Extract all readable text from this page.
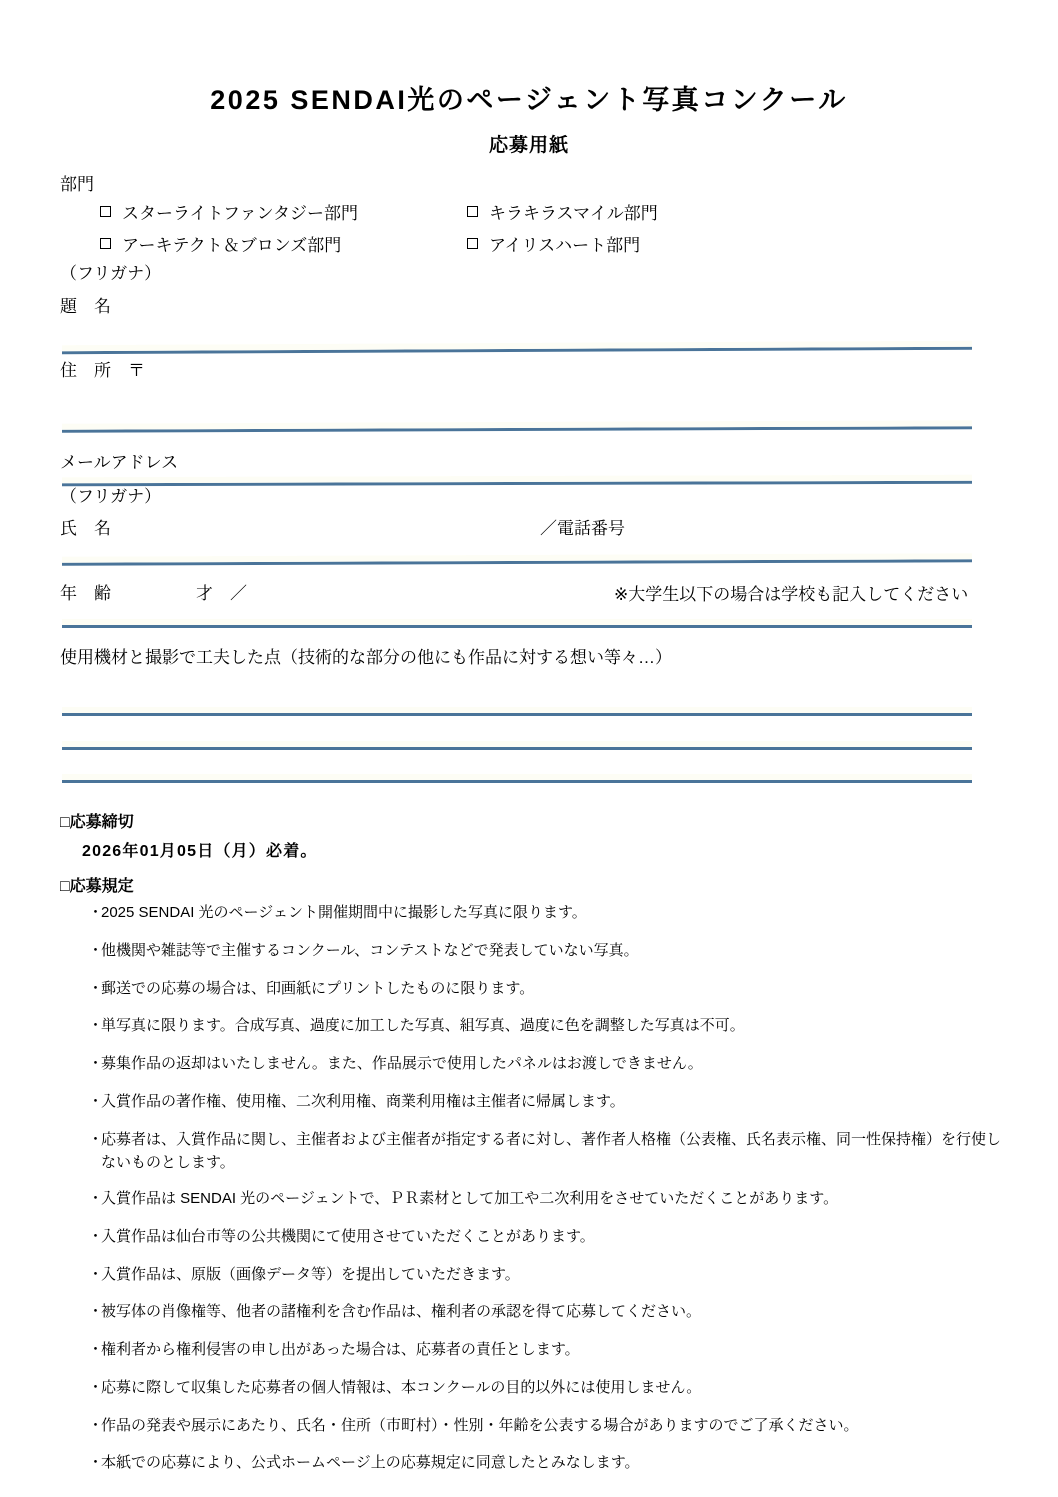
2025 SENDAI光のページェント写真コンクール
応募用紙
部門
スターライトファンタジー部門	キラキラスマイル部門
アーキテクト＆ブロンズ部門	アイリスハート部門
（フリガナ）
題　名
住　所　〒
メールアドレス
（フリガナ）
氏　名	／電話番号
年　齢	才　／	※大学生以下の場合は学校も記入してください
使用機材と撮影で工夫した点（技術的な部分の他にも作品に対する想い等々…）
□応募締切
2026年01月05日（月）必着。
□応募規定
・
2025 SENDAI 光のページェント開催期間中に撮影した写真に限ります。
・
他機関や雑誌等で主催するコンクール、コンテストなどで発表していない写真。
・
郵送での応募の場合は、印画紙にプリントしたものに限ります。
・
単写真に限ります。合成写真、過度に加工した写真、組写真、過度に色を調整した写真は不可。
・
募集作品の返却はいたしません。また、作品展示で使用したパネルはお渡しできません。
・
入賞作品の著作権、使用権、二次利用権、商業利用権は主催者に帰属します。
・
応募者は、入賞作品に関し、主催者および主催者が指定する者に対し、著作者人格権（公表権、氏名表示権、同一性保持権）を行使しないものとします。
・
入賞作品は SENDAI 光のページェントで、ＰＲ素材として加工や二次利用をさせていただくことがあります。
・
入賞作品は仙台市等の公共機関にて使用させていただくことがあります。
・
入賞作品は、原版（画像データ等）を提出していただきます。
・
被写体の肖像権等、他者の諸権利を含む作品は、権利者の承認を得て応募してください。
・
権利者から権利侵害の申し出があった場合は、応募者の責任とします。
・
応募に際して収集した応募者の個人情報は、本コンクールの目的以外には使用しません。
・
作品の発表や展示にあたり、氏名・住所（市町村）・性別・年齢を公表する場合がありますのでご了承ください。
・
本紙での応募により、公式ホームページ上の応募規定に同意したとみなします。
